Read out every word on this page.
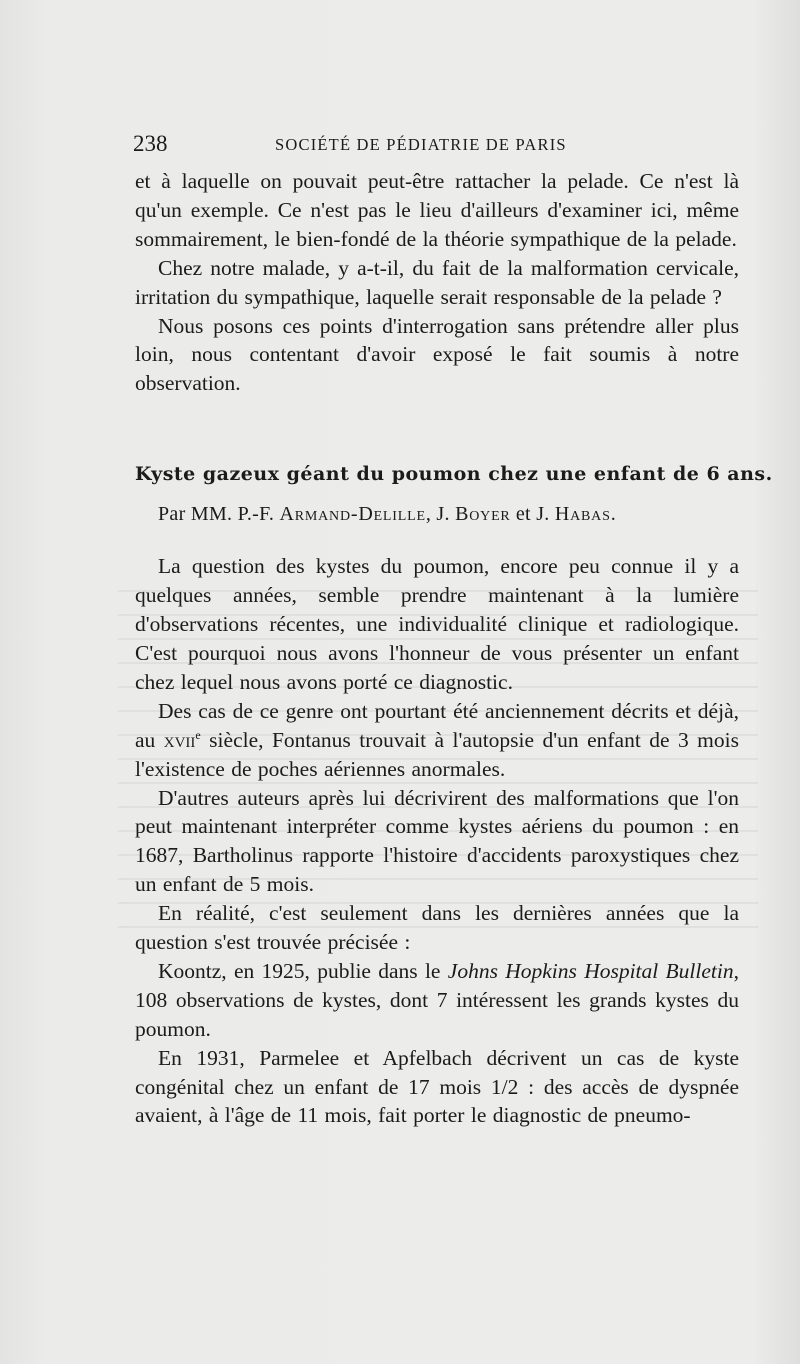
238	SOCIÉTÉ DE PÉDIATRIE DE PARIS

et à laquelle on pouvait peut-être rattacher la pelade. Ce n'est là qu'un exemple. Ce n'est pas le lieu d'ailleurs d'examiner ici, même sommairement, le bien-fondé de la théorie sympathique de la pelade.

Chez notre malade, y a-t-il, du fait de la malformation cervicale, irritation du sympathique, laquelle serait responsable de la pelade ?

Nous posons ces points d'interrogation sans prétendre aller plus loin, nous contentant d'avoir exposé le fait soumis à notre observation.

Kyste gazeux géant du poumon chez une enfant de 6 ans.

Par MM. P.-F. Armand-Delille, J. Boyer et J. Habas.

La question des kystes du poumon, encore peu connue il y a quelques années, semble prendre maintenant à la lumière d'observations récentes, une individualité clinique et radiologique. C'est pourquoi nous avons l'honneur de vous présenter un enfant chez lequel nous avons porté ce diagnostic.

Des cas de ce genre ont pourtant été anciennement décrits et déjà, au xvii$^e$ siècle, Fontanus trouvait à l'autopsie d'un enfant de 3 mois l'existence de poches aériennes anormales.

D'autres auteurs après lui décrivirent des malformations que l'on peut maintenant interpréter comme kystes aériens du poumon : en 1687, Bartholinus rapporte l'histoire d'accidents paroxystiques chez un enfant de 5 mois.

En réalité, c'est seulement dans les dernières années que la question s'est trouvée précisée :

Koontz, en 1925, publie dans le Johns Hopkins Hospital Bulletin, 108 observations de kystes, dont 7 intéressent les grands kystes du poumon.

En 1931, Parmelee et Apfelbach décrivent un cas de kyste congénital chez un enfant de 17 mois 1/2 : des accès de dyspnée avaient, à l'âge de 11 mois, fait porter le diagnostic de pneumo-
